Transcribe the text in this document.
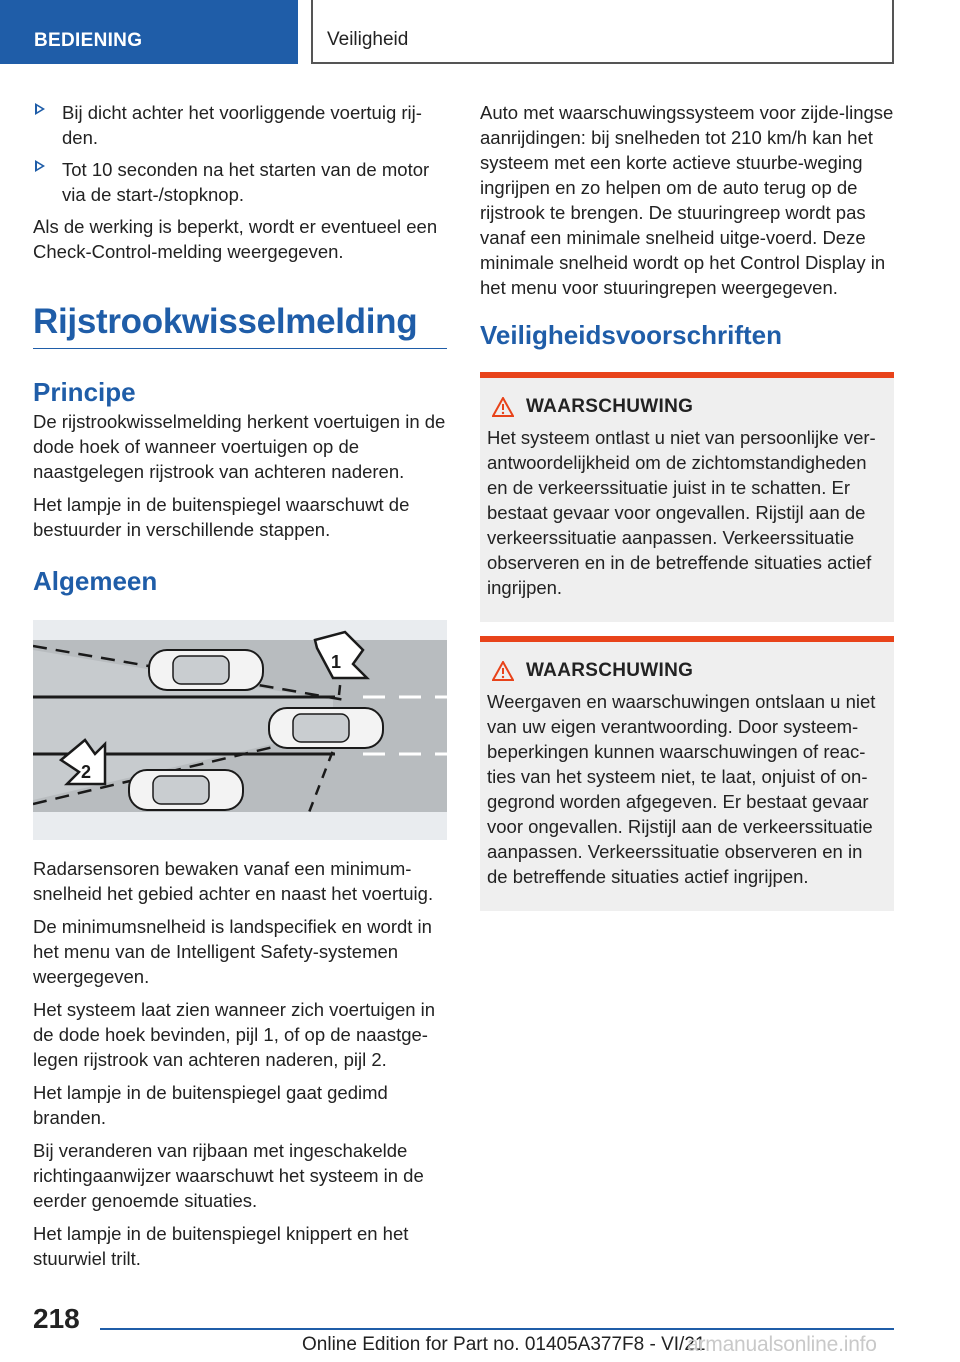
BEDIENING	Veiligheid
Bij dicht achter het voorliggende voertuig rij‐den.
Tot 10 seconden na het starten van de motor via de start-/stopknop.

Als de werking is beperkt, wordt er eventueel een Check-Control-melding weergegeven.

Rijstrookwisselmelding
Principe

De rijstrookwisselmelding herkent voertuigen in de dode hoek of wanneer voertuigen op de naastgelegen rijstrook van achteren naderen.

Het lampje in de buitenspiegel waarschuwt de bestuurder in verschillende stappen.

Algemeen
1
2

Radarsensoren bewaken vanaf een minimum‐snelheid het gebied achter en naast het voertuig.

De minimumsnelheid is landspecifiek en wordt in het menu van de Intelligent Safety-systemen weergegeven.

Het systeem laat zien wanneer zich voertuigen in de dode hoek bevinden, pijl 1, of op de naastge‐legen rijstrook van achteren naderen, pijl 2.

Het lampje in de buitenspiegel gaat gedimd branden.

Bij veranderen van rijbaan met ingeschakelde richtingaanwijzer waarschuwt het systeem in de eerder genoemde situaties.

Het lampje in de buitenspiegel knippert en het stuurwiel trilt.

Auto met waarschuwingssysteem voor zijde‐lingse aanrijdingen: bij snelheden tot 210 km/h kan het systeem met een korte actieve stuurbe‐weging ingrijpen en zo helpen om de auto terug op de rijstrook te brengen. De stuuringreep wordt pas vanaf een minimale snelheid uitge‐voerd. Deze minimale snelheid wordt op het Control Display in het menu voor stuuringrepen weergegeven.

Veiligheidsvoorschriften
WAARSCHUWING

Het systeem ontlast u niet van persoonlijke ver‐antwoordelijkheid om de zichtomstandigheden en de verkeerssituatie juist in te schatten. Er bestaat gevaar voor ongevallen. Rijstijl aan de verkeerssituatie aanpassen. Verkeerssituatie observeren en in de betreffende situaties actief ingrijpen.

WAARSCHUWING

Weergaven en waarschuwingen ontslaan u niet van uw eigen verantwoording. Door systeem‐beperkingen kunnen waarschuwingen of reac‐ties van het systeem niet, te laat, onjuist of on‐gegrond worden afgegeven. Er bestaat gevaar voor ongevallen. Rijstijl aan de verkeerssituatie aanpassen. Verkeerssituatie observeren en in de betreffende situaties actief ingrijpen.

218
Online Edition for Part no. 01405A377F8 - VI/21
armanualsonline.info
